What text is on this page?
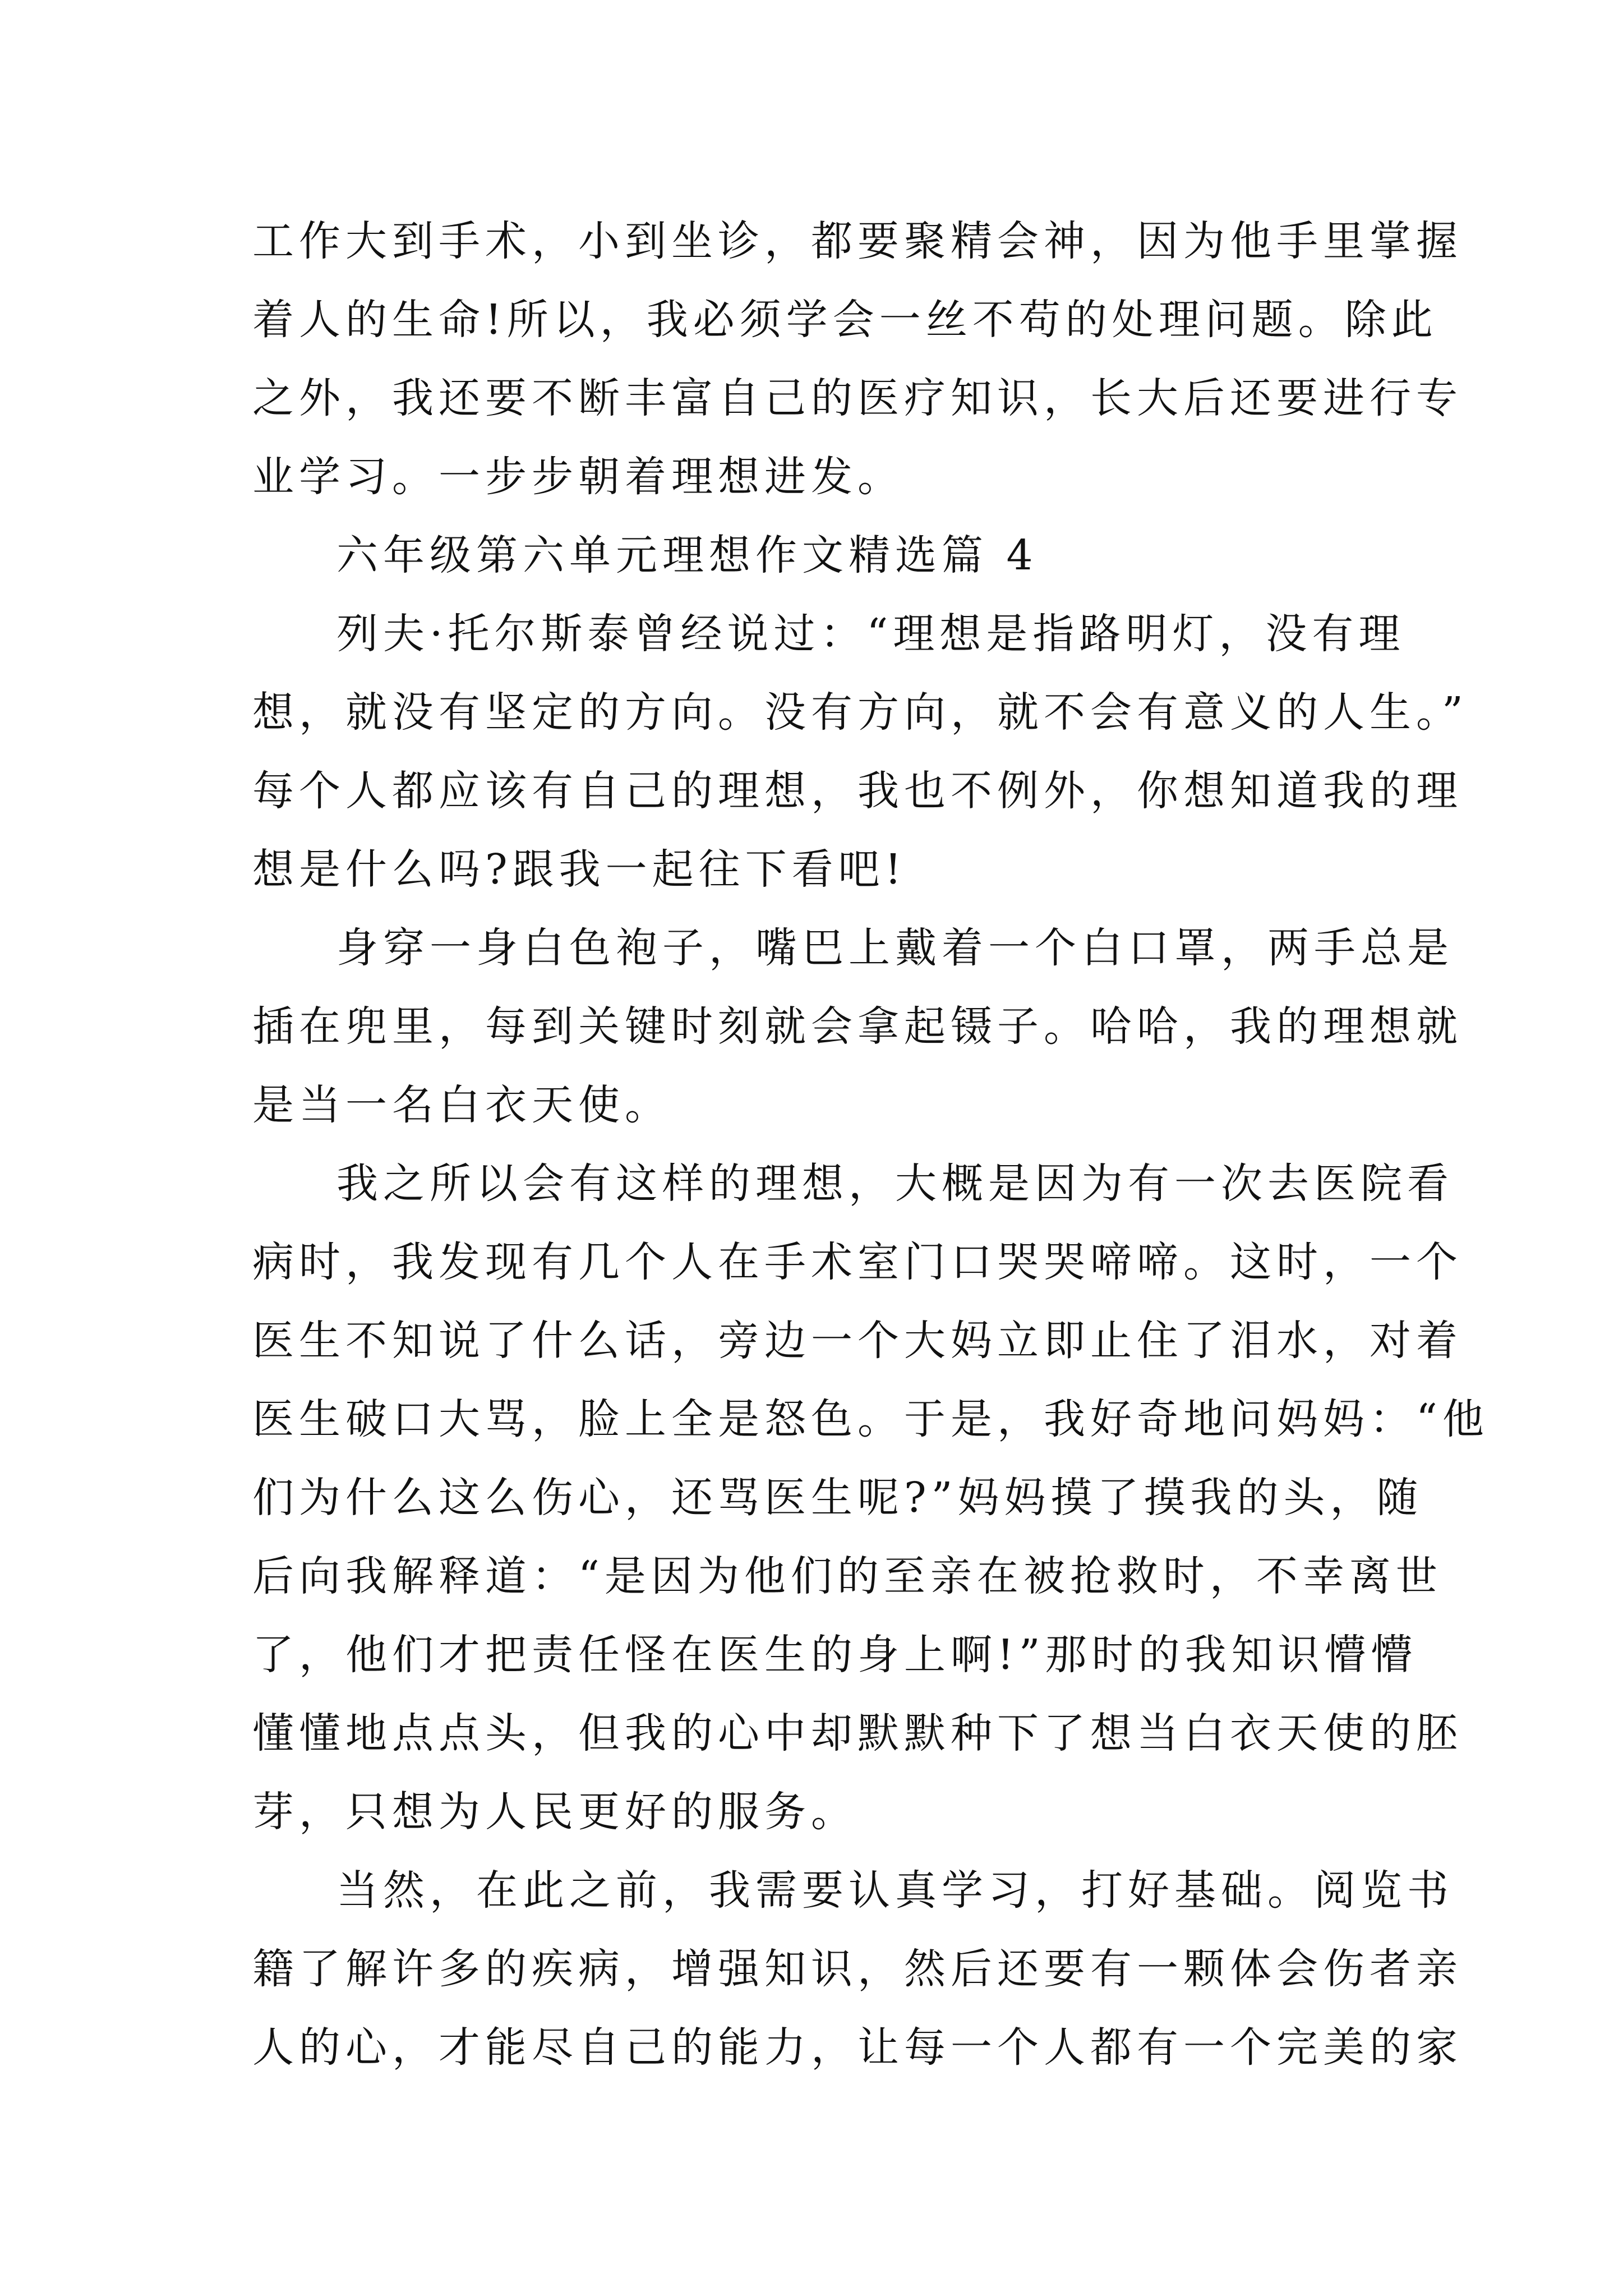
工作大到手术，小到坐诊，都要聚精会神，因为他手里掌握
着人的生命!所以，我必须学会一丝不苟的处理问题。除此
之外，我还要不断丰富自己的医疗知识，长大后还要进行专
业学习。一步步朝着理想进发。
六年级第六单元理想作文精选篇 4
列夫·托尔斯泰曾经说过：“理想是指路明灯，没有理
想，就没有坚定的方向。没有方向，就不会有意义的人生。”
每个人都应该有自己的理想，我也不例外，你想知道我的理
想是什么吗?跟我一起往下看吧!
身穿一身白色袍子，嘴巴上戴着一个白口罩，两手总是
插在兜里，每到关键时刻就会拿起镊子。哈哈，我的理想就
是当一名白衣天使。
我之所以会有这样的理想，大概是因为有一次去医院看
病时，我发现有几个人在手术室门口哭哭啼啼。这时，一个
医生不知说了什么话，旁边一个大妈立即止住了泪水，对着
医生破口大骂，脸上全是怒色。于是，我好奇地问妈妈：“他
们为什么这么伤心，还骂医生呢?”妈妈摸了摸我的头，随
后向我解释道：“是因为他们的至亲在被抢救时，不幸离世
了，他们才把责任怪在医生的身上啊!”那时的我知识懵懵
懂懂地点点头，但我的心中却默默种下了想当白衣天使的胚
芽，只想为人民更好的服务。
当然，在此之前，我需要认真学习，打好基础。阅览书
籍了解许多的疾病，增强知识，然后还要有一颗体会伤者亲
人的心，才能尽自己的能力，让每一个人都有一个完美的家
